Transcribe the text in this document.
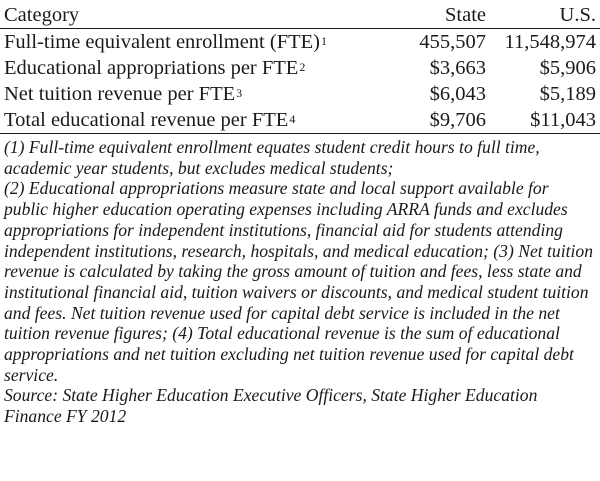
Category	State	U.S.
Full-time equivalent enrollment (FTE)$^1$	455,507	11,548,974
Educational appropriations per FTE$^2$	$3,663	$5,906
Net tuition revenue per FTE$^3$	$6,043	$5,189
Total educational revenue per FTE$^4$	$9,706	$11,043

(1) Full-time equivalent enrollment equates student credit hours to full time, academic year students, but excludes medical students;

(2) Educational appropriations measure state and local support available for public higher education operating expenses including ARRA funds and excludes appropriations for independent institutions, financial aid for students attending independent institutions, research, hospitals, and medical education; (3) Net tuition revenue is calculated by taking the gross amount of tuition and fees, less state and institutional financial aid, tuition waivers or discounts, and medical student tuition and fees. Net tuition revenue used for capital debt service is included in the net tuition revenue figures; (4) Total educational revenue is the sum of educational appropriations and net tuition excluding net tuition revenue used for capital debt service.

Source: State Higher Education Executive Officers, State Higher Education Finance FY 2012
